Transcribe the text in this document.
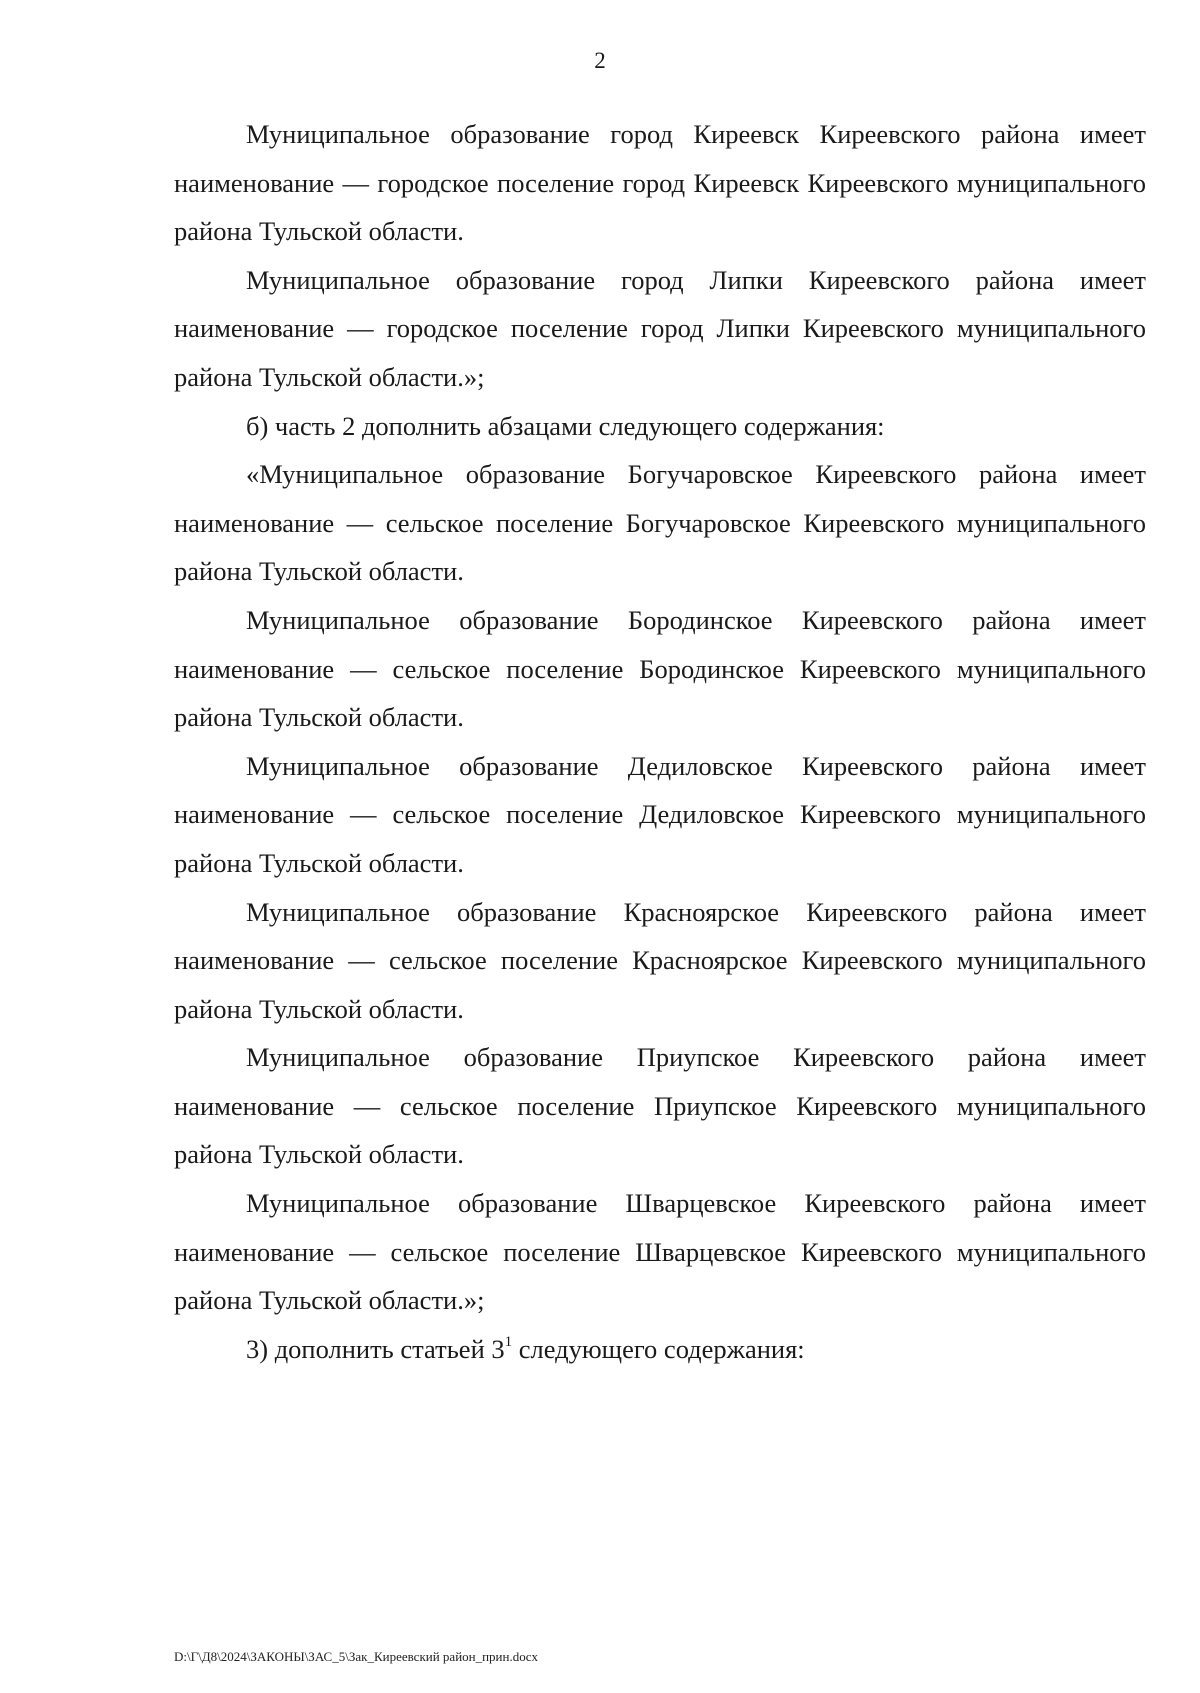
2

Муниципальное образование город Киреевск Киреевского района имеет наименование — городское поселение город Киреевск Киреевского муниципального района Тульской области.

Муниципальное образование город Липки Киреевского района имеет наименование — городское поселение город Липки Киреевского муниципального района Тульской области.»;

б) часть 2 дополнить абзацами следующего содержания:

«Муниципальное образование Богучаровское Киреевского района имеет наименование — сельское поселение Богучаровское Киреевского муниципального района Тульской области.

Муниципальное образование Бородинское Киреевского района имеет наименование — сельское поселение Бородинское Киреевского муниципального района Тульской области.

Муниципальное образование Дедиловское Киреевского района имеет наименование — сельское поселение Дедиловское Киреевского муниципального района Тульской области.

Муниципальное образование Красноярское Киреевского района имеет наименование — сельское поселение Красноярское Киреевского муниципального района Тульской области.

Муниципальное образование Приупское Киреевского района имеет наименование — сельское поселение Приупское Киреевского муниципального района Тульской области.

Муниципальное образование Шварцевское Киреевского района имеет наименование — сельское поселение Шварцевское Киреевского муниципального района Тульской области.»;

3) дополнить статьей $3^1$ следующего содержания:

D:\Г\Д8\2024\ЗАКОНЫ\ЗАС_5\Зак_Киреевский район_прин.docx
